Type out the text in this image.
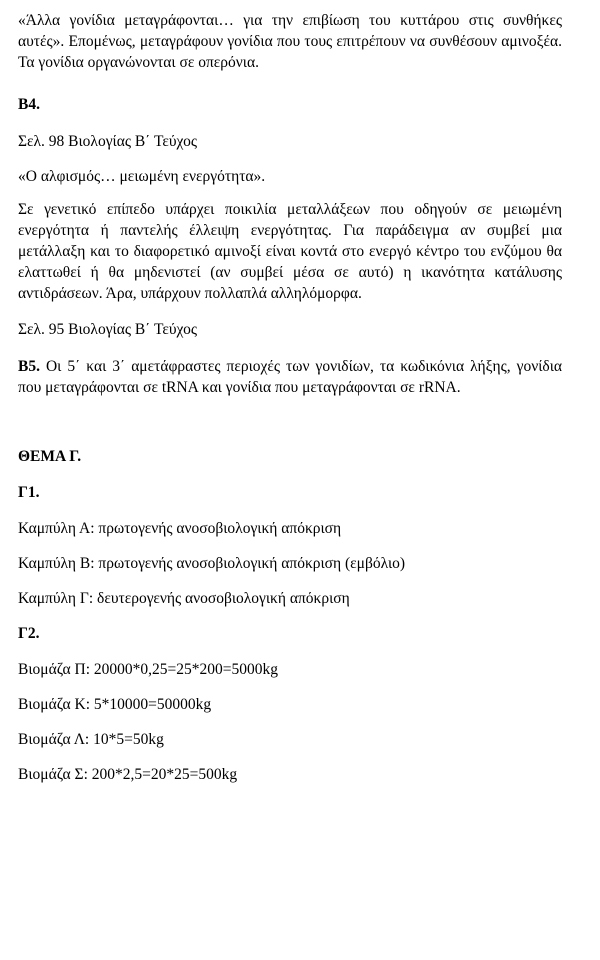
«Άλλα γονίδια μεταγράφονται… για την επιβίωση του κυττάρου στις συνθήκες αυτές». Επομένως, μεταγράφουν γονίδια που τους επιτρέπουν να συνθέσουν αμινοξέα. Τα γονίδια οργανώνονται σε οπερόνια.

Β4.

Σελ. 98 Βιολογίας Β΄ Τεύχος

«Ο αλφισμός… μειωμένη ενεργότητα».

Σε γενετικό επίπεδο υπάρχει ποικιλία μεταλλάξεων που οδηγούν σε μειωμένη ενεργότητα ή παντελής έλλειψη ενεργότητας. Για παράδειγμα αν συμβεί μια μετάλλαξη και το διαφορετικό αμινοξί είναι κοντά στο ενεργό κέντρο του ενζύμου θα ελαττωθεί ή θα μηδενιστεί (αν συμβεί μέσα σε αυτό) η ικανότητα κατάλυσης αντιδράσεων. Άρα, υπάρχουν πολλαπλά αλληλόμορφα.

Σελ. 95 Βιολογίας Β΄ Τεύχος

Β5. Οι 5΄ και 3΄ αμετάφραστες περιοχές των γονιδίων, τα κωδικόνια λήξης, γονίδια που μεταγράφονται σε tRNA και γονίδια που μεταγράφονται σε rRNA.

ΘΕΜΑ Γ.

Γ1.

Καμπύλη Α: πρωτογενής ανοσοβιολογική απόκριση

Καμπύλη Β: πρωτογενής ανοσοβιολογική απόκριση (εμβόλιο)

Καμπύλη Γ: δευτερογενής ανοσοβιολογική απόκριση

Γ2.

Βιομάζα Π: 20000*0,25=25*200=5000kg

Βιομάζα Κ: 5*10000=50000kg

Βιομάζα Λ: 10*5=50kg

Βιομάζα Σ: 200*2,5=20*25=500kg
